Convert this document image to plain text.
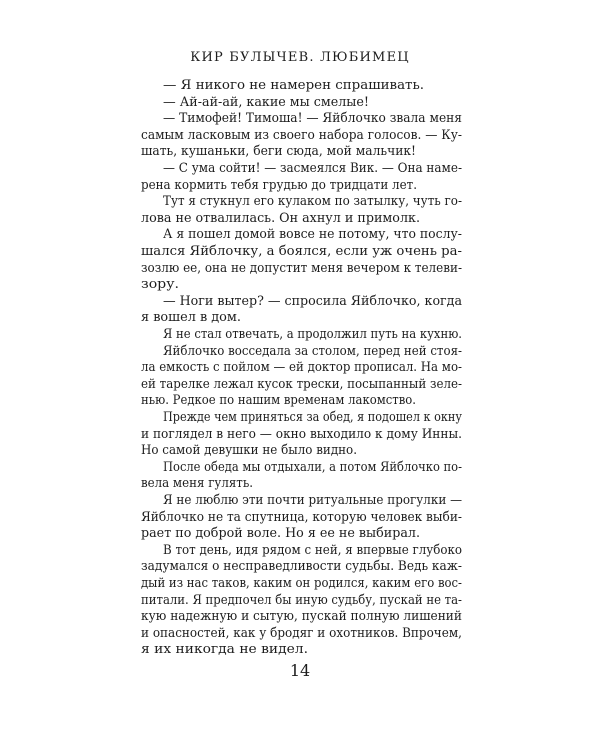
КИР БУЛЫЧЕВ. ЛЮБИМЕЦ
— Я никого не намерен спрашивать.
— Ай-ай-ай, какие мы смелые!
— Тимофей! Тимоша! — Яйблочко звала меня
самым ласковым из своего набора голосов. — Ку-
шать, кушаньки, беги сюда, мой мальчик!
— С ума сойти! — засмеялся Вик. — Она наме-
рена кормить тебя грудью до тридцати лет.
Тут я стукнул его кулаком по затылку, чуть го-
лова не отвалилась. Он ахнул и примолк.
А я пошел домой вовсе не потому, что послу-
шался Яйблочку, а боялся, если уж очень ра-
зозлю ее, она не допустит меня вечером к телеви-
зору.
— Ноги вытер? — спросила Яйблочко, когда
я вошел в дом.
Я не стал отвечать, а продолжил путь на кухню.
Яйблочко восседала за столом, перед ней стоя-
ла емкость с пойлом — ей доктор прописал. На мо-
ей тарелке лежал кусок трески, посыпанный зеле-
нью. Редкое по нашим временам лакомство.
Прежде чем приняться за обед, я подошел к окну
и поглядел в него — окно выходило к дому Инны.
Но самой девушки не было видно.
После обеда мы отдыхали, а потом Яйблочко по-
вела меня гулять.
Я не люблю эти почти ритуальные прогулки —
Яйблочко не та спутница, которую человек выби-
рает по доброй воле. Но я ее не выбирал.
В тот день, идя рядом с ней, я впервые глубоко
задумался о несправедливости судьбы. Ведь каж-
дый из нас таков, каким он родился, каким его вос-
питали. Я предпочел бы иную судьбу, пускай не та-
кую надежную и сытую, пускай полную лишений
и опасностей, как у бродяг и охотников. Впрочем,
я их никогда не видел.
14
